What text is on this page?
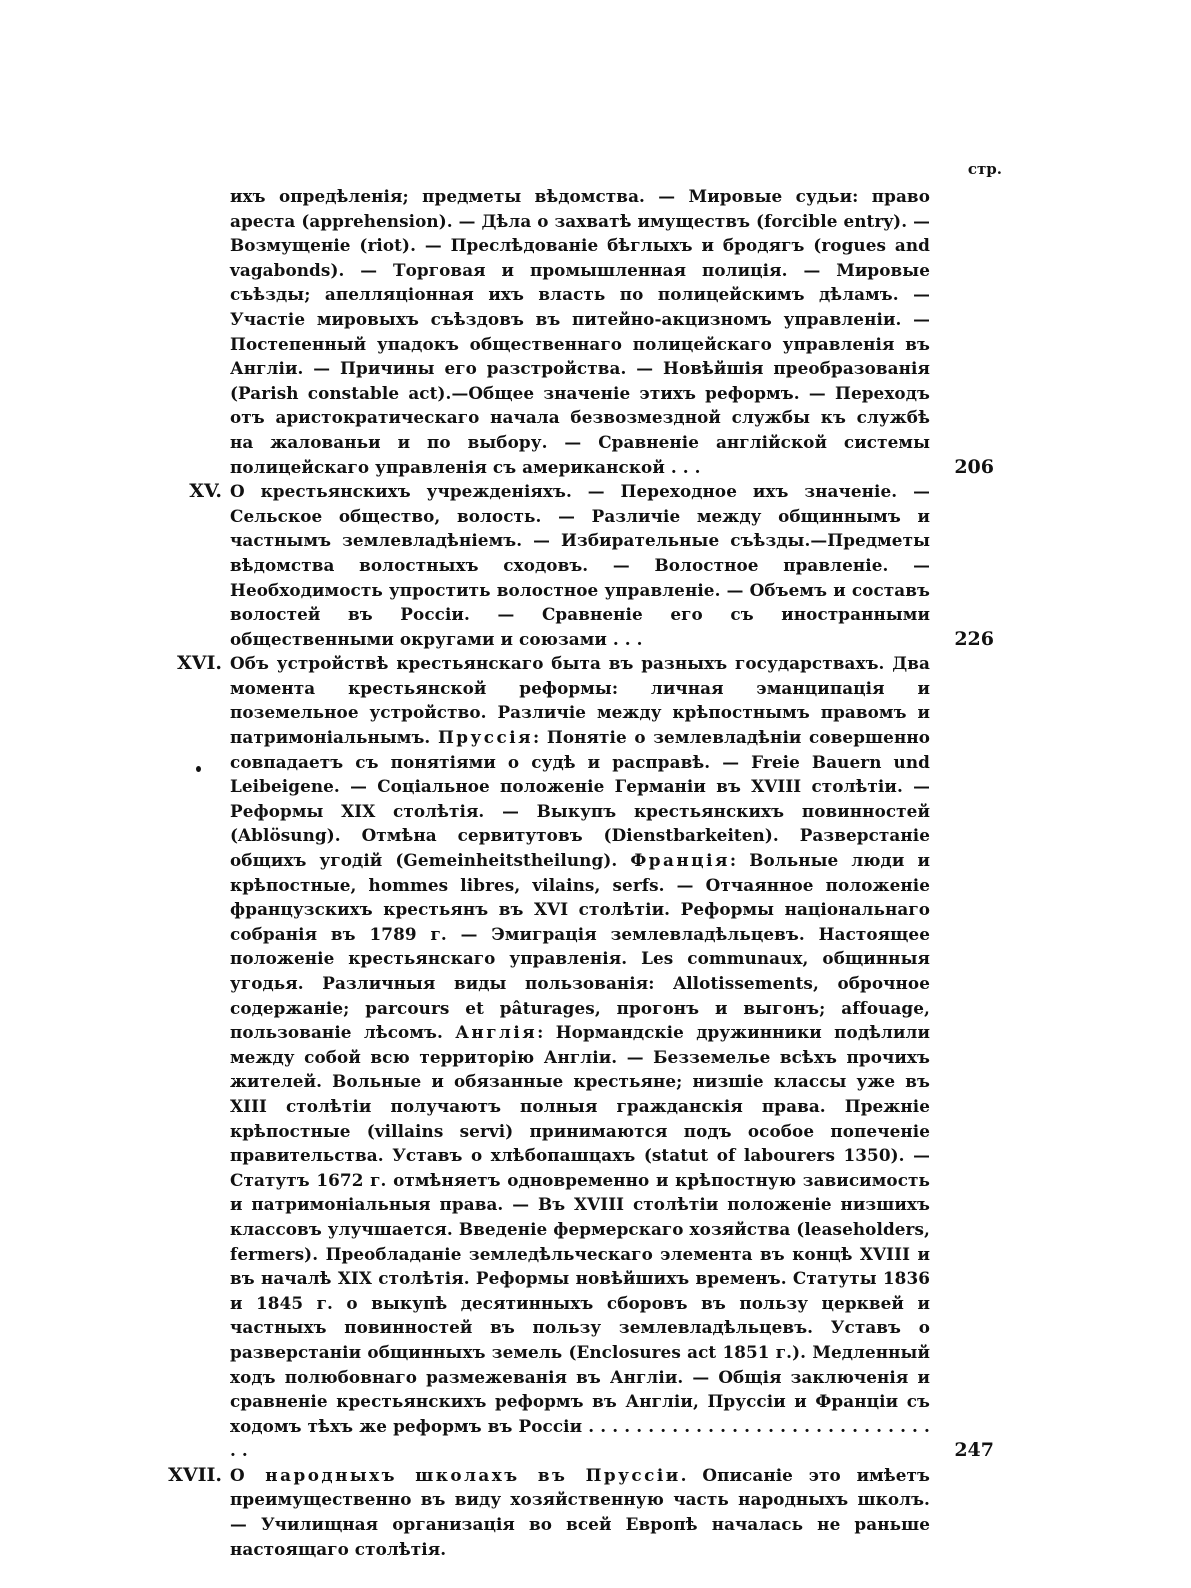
стр.
ихъ опредѣленія; предметы вѣдомства. — Мировые судьи: право ареста (apprehension). — Дѣла о захватѣ имуществъ (forcible entry). — Возмущеніе (riot). — Преслѣдованіе бѣглыхъ и бродягъ (rogues and vagabonds). — Торговая и промышленная полиція. — Мировые съѣзды; апелляціонная ихъ власть по полицейскимъ дѣламъ. — Участіе мировыхъ съѣздовъ въ питейно-акцизномъ управленіи. — Постепенный упадокъ общественнаго полицейскаго управленія въ Англіи. — Причины его разстройства. — Новѣйшія преобразованія (Parish constable act).—Общее значеніе этихъ реформъ. — Переходъ отъ аристократическаго начала безвозмездной службы къ службѣ на жалованьи и по выбору. — Сравненіе англійской системы полицейскаго управленія съ американской . . .	206
XV. О крестьянскихъ учрежденіяхъ. — Переходное ихъ значеніе. — Сельское общество, волость. — Различіе между общиннымъ и частнымъ землевладѣніемъ. — Избирательные съѣзды.—Предметы вѣдомства волостныхъ сходовъ. — Волостное правленіе. — Необходимость упростить волостное управленіе. — Объемъ и составъ волостей въ Россіи. — Сравненіе его съ иностранными общественными округами и союзами . . .	226
XVI. Объ устройствѣ крестьянскаго быта въ разныхъ государствахъ. Два момента крестьянской реформы: личная эманципація и поземельное устройство. Различіе между крѣпостнымъ правомъ и патримоніальнымъ. Пруссія: Понятіе о землевладѣніи совершенно совпадаетъ съ понятіями о судѣ и расправѣ. — Freie Bauern und Leibeigene. — Соціальное положеніе Германіи въ XVIII столѣтіи. — Реформы XIX столѣтія. — Выкупъ крестьянскихъ повинностей (Ablösung). Отмѣна сервитутовъ (Dienstbarkeiten). Разверстаніе общихъ угодій (Gemeinheitstheilung). Франція: Вольные люди и крѣпостные, hommes libres, vilains, serfs. — Отчаянное положеніе французскихъ крестьянъ въ XVI столѣтіи. Реформы національнаго собранія въ 1789 г. — Эмиграція землевладѣльцевъ. Настоящее положеніе крестьянскаго управленія. Les communaux, общинныя угодья. Различныя виды пользованія: Allotissements, оброчное содержаніе; parcours et pâturages, прогонъ и выгонъ; affouage, пользованіе лѣсомъ. Англія: Нормандскіе дружинники подѣлили между собой всю территорію Англіи. — Безземелье всѣхъ прочихъ жителей. Вольные и обязанные крестьяне; низшіе классы уже въ XIII столѣтіи получаютъ полныя гражданскія права. Прежніе крѣпостные (villains servi) принимаются подъ особое попеченіе правительства. Уставъ о хлѣбопашцахъ (statut of labourers 1350). — Статутъ 1672 г. отмѣняетъ одновременно и крѣпостную зависимость и патримоніальныя права. — Въ XVIII столѣтіи положеніе низшихъ классовъ улучшается. Введеніе фермерскаго хозяйства (leaseholders, fermers). Преобладаніе земледѣльческаго элемента въ концѣ XVIII и въ началѣ XIX столѣтія. Реформы новѣйшихъ временъ. Статуты 1836 и 1845 г. о выкупѣ десятинныхъ сборовъ въ пользу церквей и частныхъ повинностей въ пользу землевладѣльцевъ. Уставъ о разверстаніи общинныхъ земель (Enclosures act 1851 г.). Медленный ходъ полюбовнаго размежеванія въ Англіи. — Общія заключенія и сравненіе крестьянскихъ реформъ въ Англіи, Пруссіи и Франціи съ ходомъ тѣхъ же реформъ въ Россіи . . . . . . . . . . . . . . . . . . . . . . . . . . . . . . .	247
XVII. О народныхъ школахъ въ Пруссіи. Описаніе это имѣетъ преимущественно въ виду хозяйственную часть народныхъ школъ. — Училищная организація во всей Европѣ началась не раньше настоящаго столѣтія.
